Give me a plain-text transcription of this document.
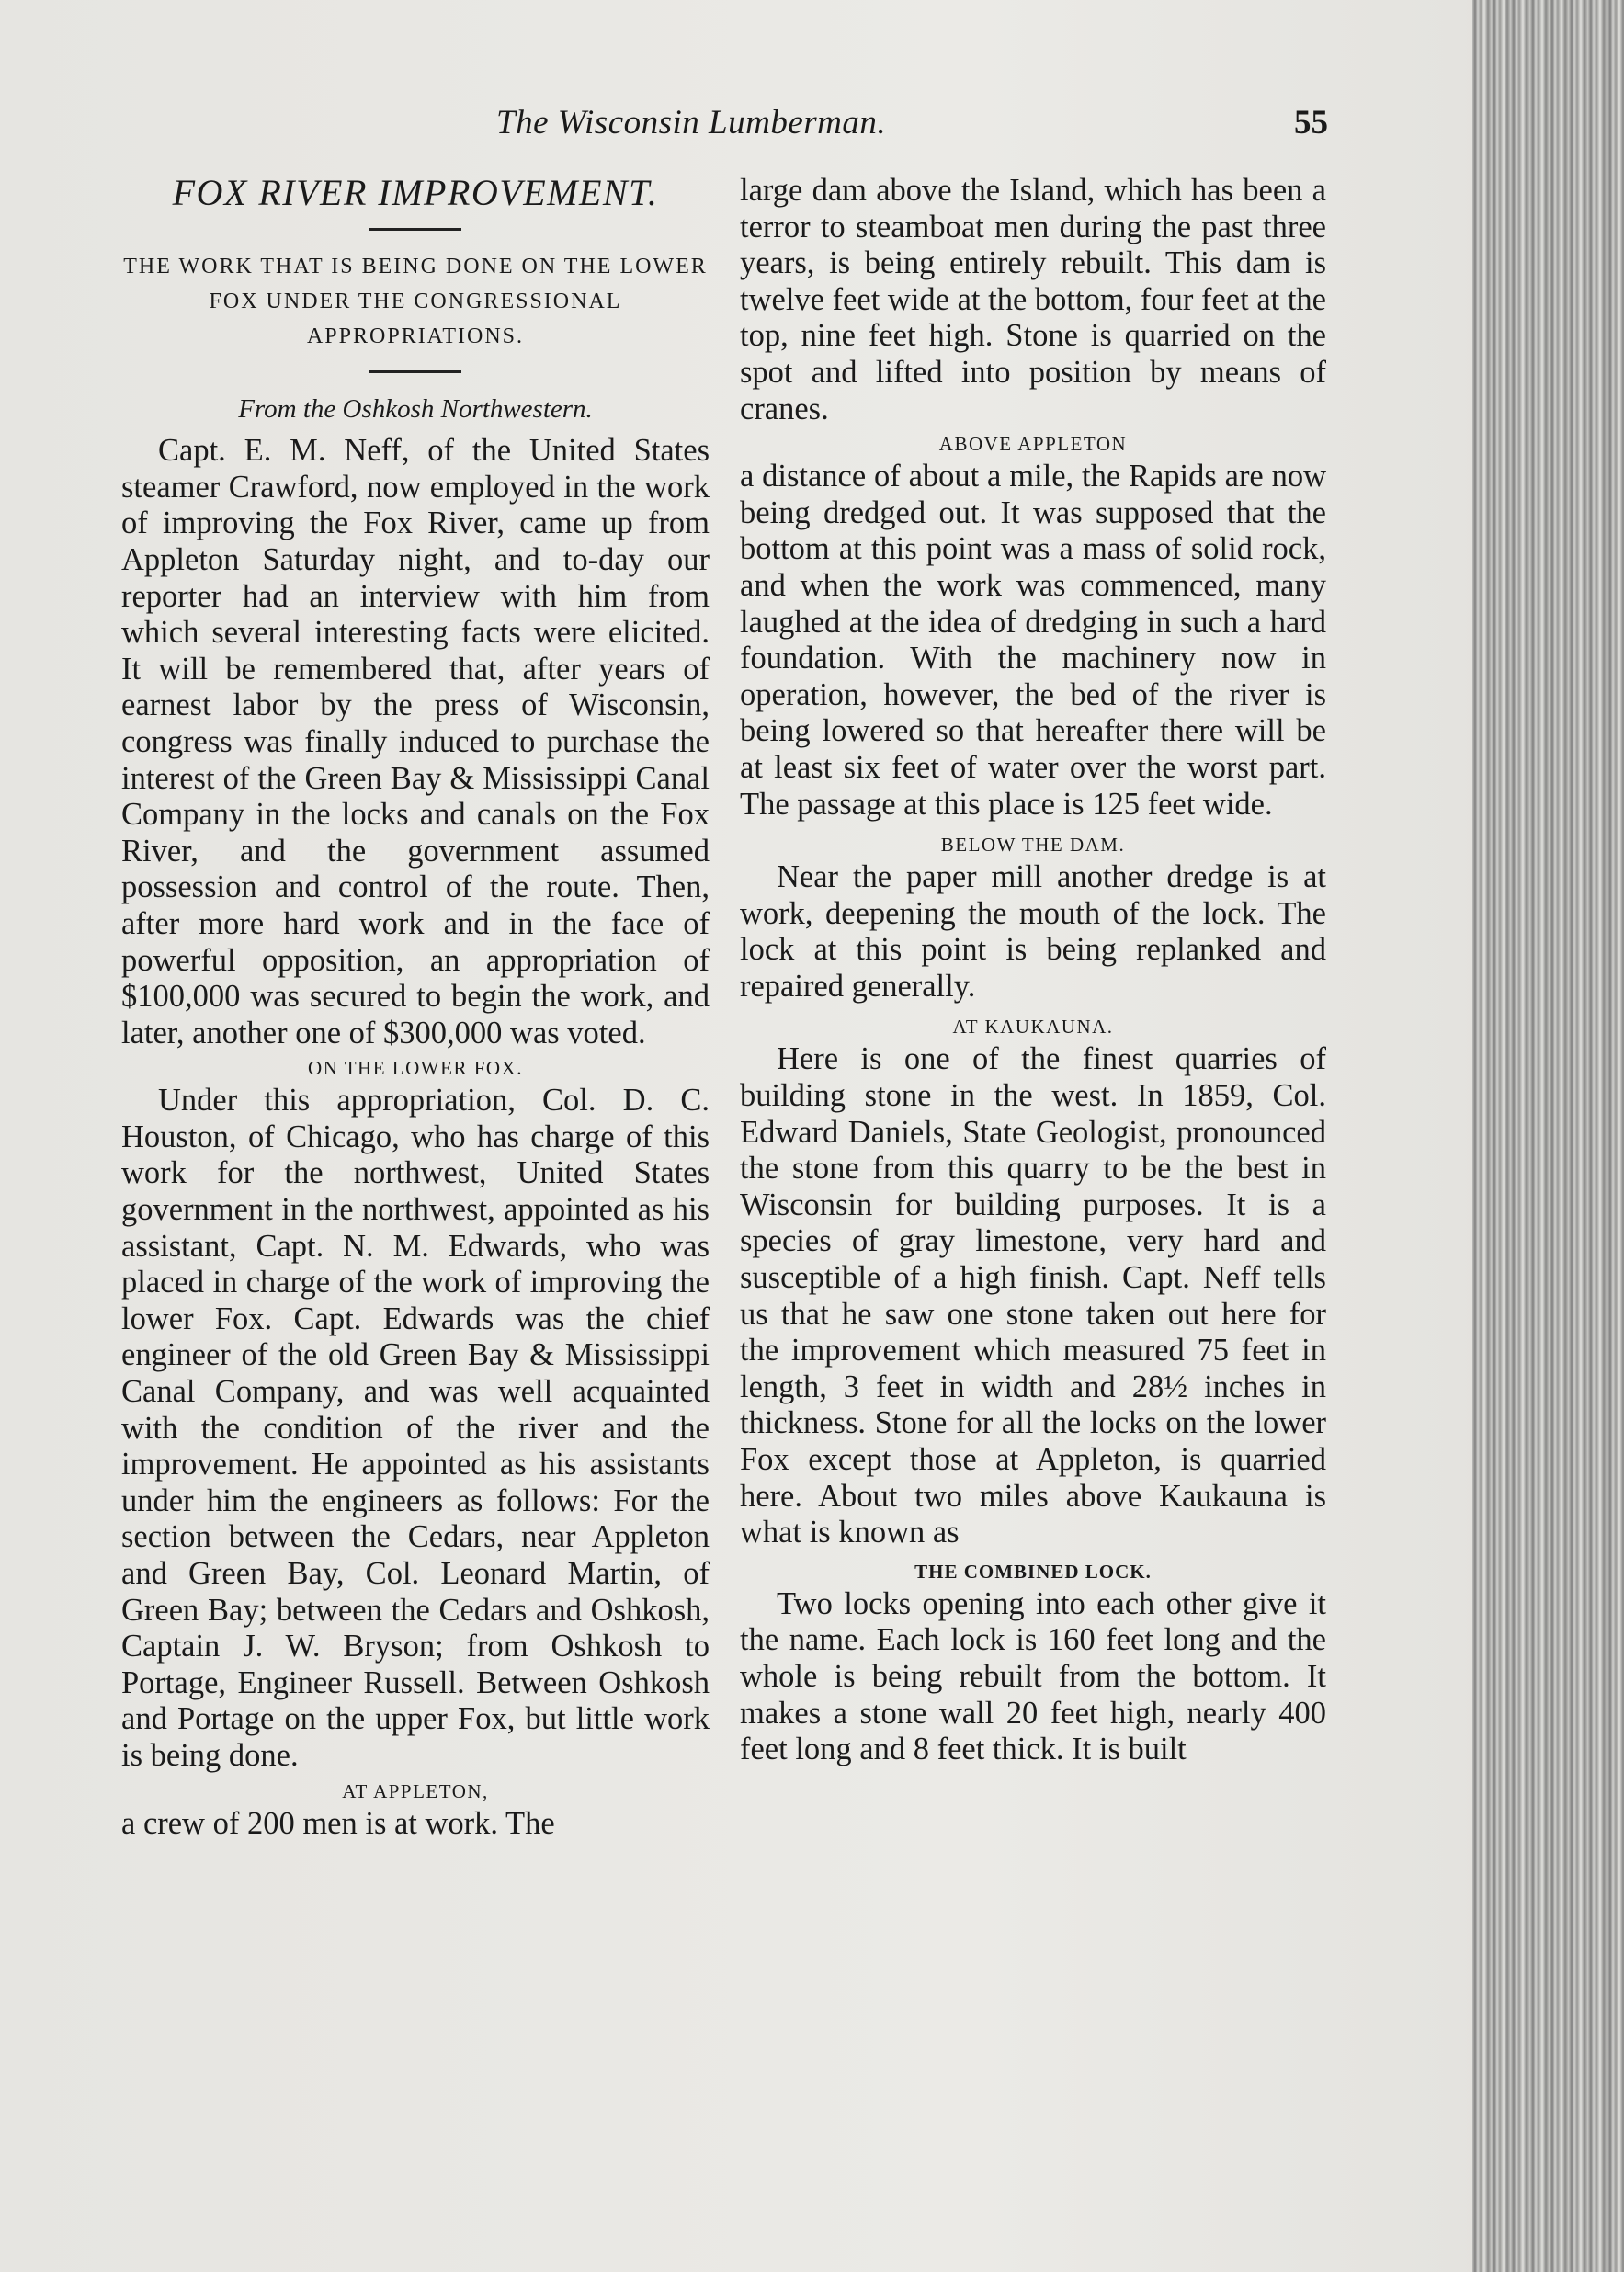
The Wisconsin Lumberman.	55

FOX RIVER IMPROVEMENT.

THE WORK THAT IS BEING DONE ON THE LOWER FOX UNDER THE CONGRESSIONAL APPROPRIATIONS.

From the Oshkosh Northwestern.

Capt. E. M. Neff, of the United States steamer Crawford, now employed in the work of improving the Fox River, came up from Appleton Saturday night, and to-day our reporter had an interview with him from which several interesting facts were elicited. It will be remembered that, after years of earnest labor by the press of Wisconsin, congress was finally induced to purchase the interest of the Green Bay & Mississippi Canal Company in the locks and canals on the Fox River, and the government assumed possession and control of the route. Then, after more hard work and in the face of powerful opposition, an appropriation of $100,000 was secured to begin the work, and later, another one of $300,000 was voted.

ON THE LOWER FOX.

Under this appropriation, Col. D. C. Houston, of Chicago, who has charge of this work for the northwest, United States government in the northwest, appointed as his assistant, Capt. N. M. Edwards, who was placed in charge of the work of improving the lower Fox. Capt. Edwards was the chief engineer of the old Green Bay & Mississippi Canal Company, and was well acquainted with the condition of the river and the improvement. He appointed as his assistants under him the engineers as follows: For the section between the Cedars, near Appleton and Green Bay, Col. Leonard Martin, of Green Bay; between the Cedars and Oshkosh, Captain J. W. Bryson; from Oshkosh to Portage, Engineer Russell. Between Oshkosh and Portage on the upper Fox, but little work is being done.

AT APPLETON,

a crew of 200 men is at work. The

large dam above the Island, which has been a terror to steamboat men during the past three years, is being entirely rebuilt. This dam is twelve feet wide at the bottom, four feet at the top, nine feet high. Stone is quarried on the spot and lifted into position by means of cranes.

ABOVE APPLETON

a distance of about a mile, the Rapids are now being dredged out. It was supposed that the bottom at this point was a mass of solid rock, and when the work was commenced, many laughed at the idea of dredging in such a hard foundation. With the machinery now in operation, however, the bed of the river is being lowered so that hereafter there will be at least six feet of water over the worst part. The passage at this place is 125 feet wide.

BELOW THE DAM.

Near the paper mill another dredge is at work, deepening the mouth of the lock. The lock at this point is being replanked and repaired generally.

AT KAUKAUNA.

Here is one of the finest quarries of building stone in the west. In 1859, Col. Edward Daniels, State Geologist, pronounced the stone from this quarry to be the best in Wisconsin for building purposes. It is a species of gray limestone, very hard and susceptible of a high finish. Capt. Neff tells us that he saw one stone taken out here for the improvement which measured 75 feet in length, 3 feet in width and 28½ inches in thickness. Stone for all the locks on the lower Fox except those at Appleton, is quarried here. About two miles above Kaukauna is what is known as

THE COMBINED LOCK.

Two locks opening into each other give it the name. Each lock is 160 feet long and the whole is being rebuilt from the bottom. It makes a stone wall 20 feet high, nearly 400 feet long and 8 feet thick. It is built
